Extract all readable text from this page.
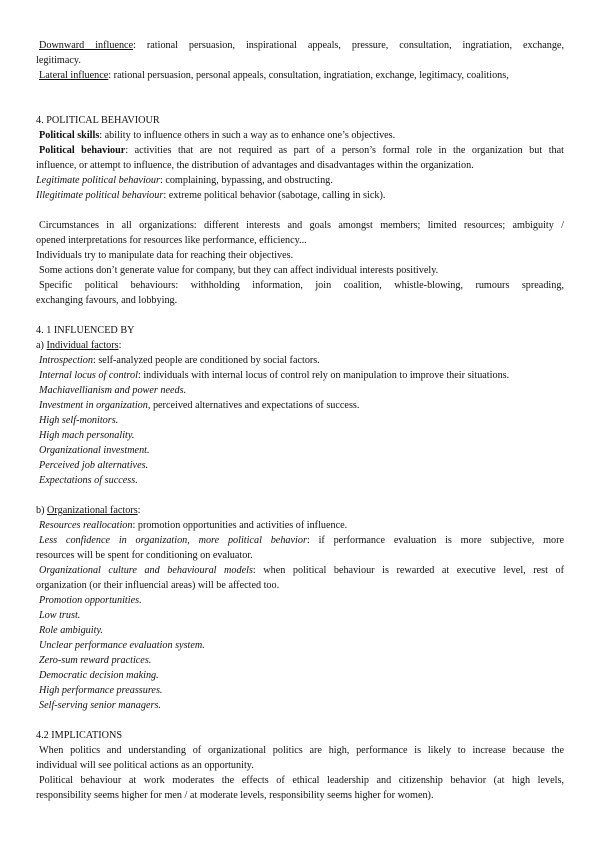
Downward influence: rational persuasion, inspirational appeals, pressure, consultation, ingratiation, exchange,
legitimacy.
Lateral influence: rational persuasion, personal appeals, consultation, ingratiation, exchange, legitimacy, coalitions,
4. POLITICAL BEHAVIOUR
Political skills: ability to influence others in such a way as to enhance one’s objectives.
Political behaviour: activities that are not required as part of a person’s formal role in the organization but that
influence, or attempt to influence, the distribution of advantages and disadvantages within the organization.
Legitimate political behaviour: complaining, bypassing, and obstructing.
Illegitimate political behaviour: extreme political behavior (sabotage, calling in sick).
Circumstances in all organizations: different interests and goals amongst members; limited resources; ambiguity /
opened interpretations for resources like performance, efficiency...
Individuals try to manipulate data for reaching their objectives.
Some actions don’t generate value for company, but they can affect individual interests positively.
Specific political behaviours: withholding information, join coalition, whistle-blowing, rumours spreading,
exchanging favours, and lobbying.
4. 1 INFLUENCED BY
a) Individual factors:
Introspection: self-analyzed people are conditioned by social factors.
Internal locus of control: individuals with internal locus of control rely on manipulation to improve their situations.
Machiavellianism and power needs.
Investment in organization, perceived alternatives and expectations of success.
High self-monitors.
High mach personality.
Organizational investment.
Perceived job alternatives.
Expectations of success.
b) Organizational factors:
Resources reallocation: promotion opportunities and activities of influence.
Less confidence in organization, more political behavior: if performance evaluation is more subjective, more
resources will be spent for conditioning on evaluator.
Organizational culture and behavioural models: when political behaviour is rewarded at executive level, rest of
organization (or their influencial areas) will be affected too.
Promotion opportunities.
Low trust.
Role ambiguity.
Unclear performance evaluation system.
Zero-sum reward practices.
Democratic decision making.
High performance preassures.
Self-serving senior managers.
4.2 IMPLICATIONS
When politics and understanding of organizational politics are high, performance is likely to increase because the
individual will see political actions as an opportunity.
Political behaviour at work moderates the effects of ethical leadership and citizenship behavior (at high levels,
responsibility seems higher for men / at moderate levels, responsibility seems higher for women).
